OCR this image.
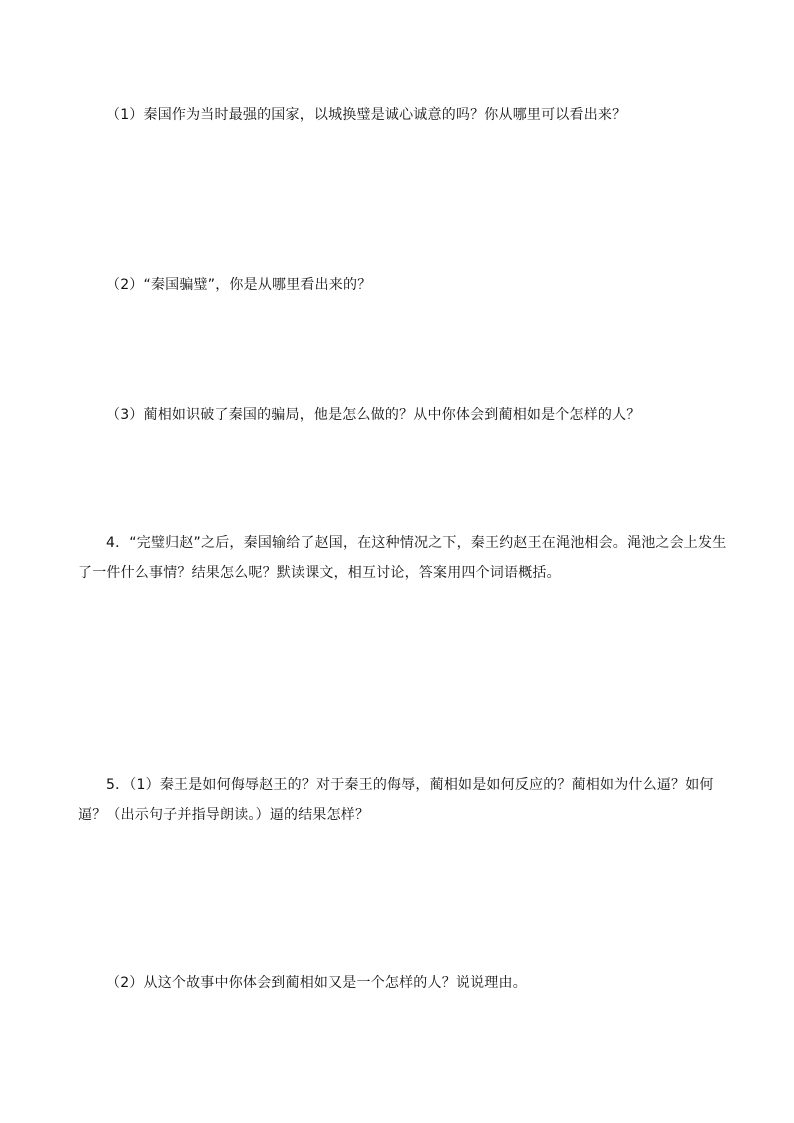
（1）秦国作为当时最强的国家，以城换璧是诚心诚意的吗？你从哪里可以看出来？

（2）“秦国骗璧”，你是从哪里看出来的？

（3）蔺相如识破了秦国的骗局，他是怎么做的？从中你体会到蔺相如是个怎样的人？

4．“完璧归赵”之后，秦国输给了赵国，在这种情况之下，秦王约赵王在渑池相会。渑池之会上发生了一件什么事情？结果怎么呢？默读课文，相互讨论，答案用四个词语概括。

5．（1）秦王是如何侮辱赵王的？对于秦王的侮辱，蔺相如是如何反应的？蔺相如为什么逼？如何逼？（出示句子并指导朗读。）逼的结果怎样？

（2）从这个故事中你体会到蔺相如又是一个怎样的人？说说理由。
